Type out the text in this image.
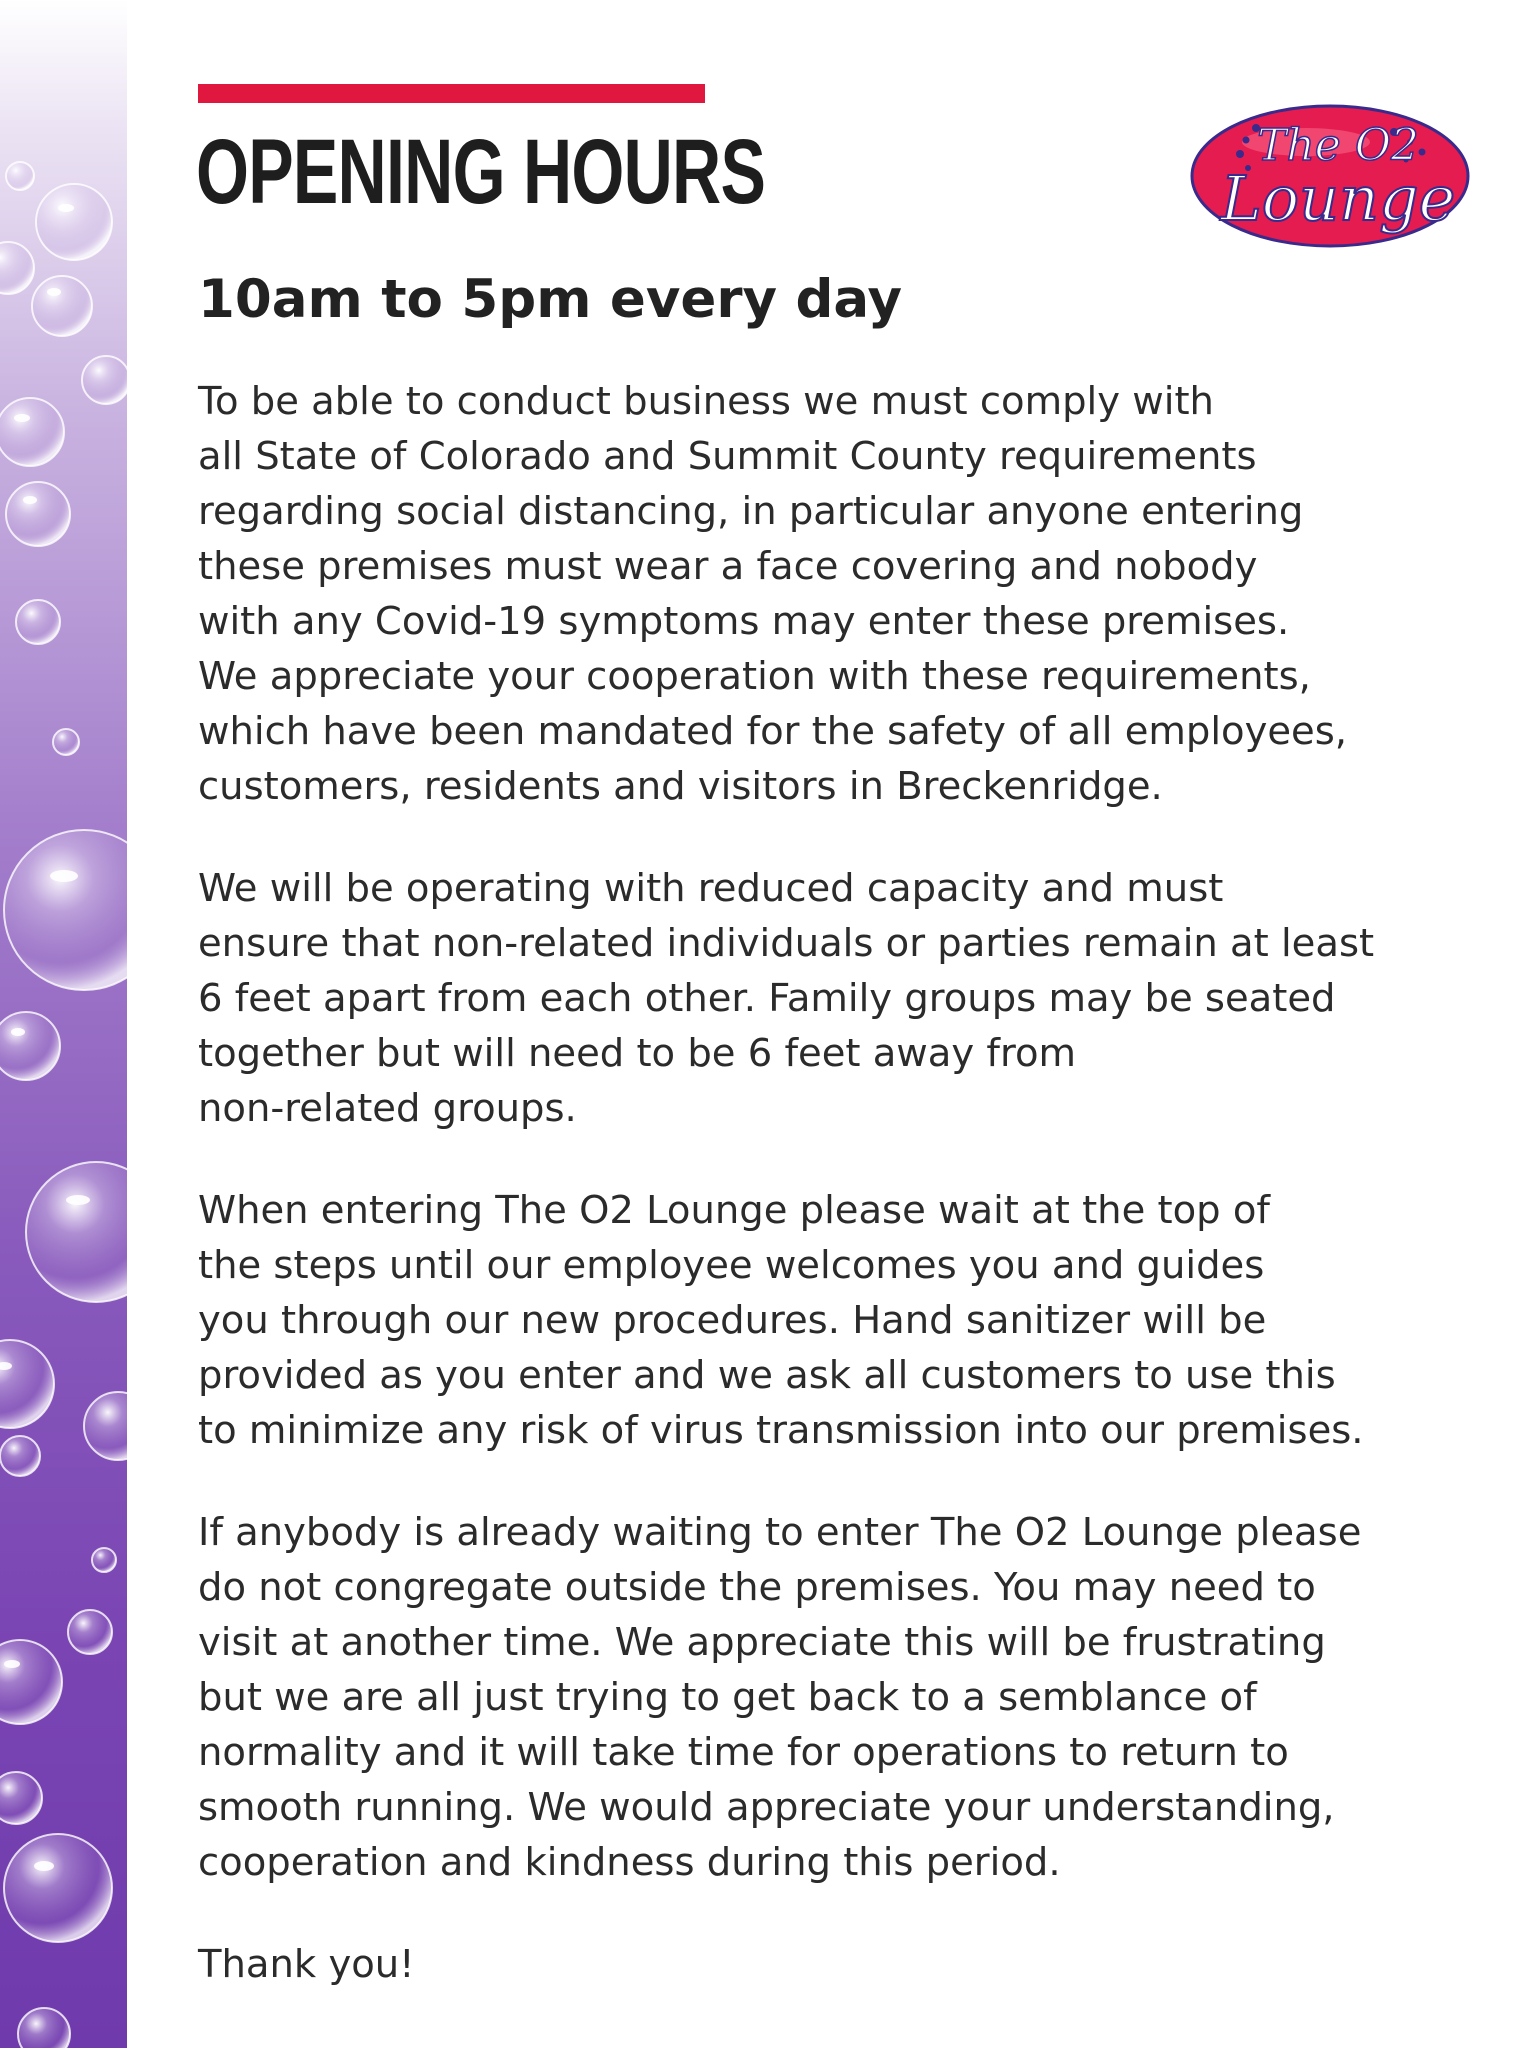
OPENING HOURS	The O2
Lounge
10am to 5pm every day

To be able to conduct business we must comply with
all State of Colorado and Summit County requirements
regarding social distancing, in particular anyone entering
these premises must wear a face covering and nobody
with any Covid-19 symptoms may enter these premises.
We appreciate your cooperation with these requirements,
which have been mandated for the safety of all employees,
customers, residents and visitors in Breckenridge.

We will be operating with reduced capacity and must
ensure that non-related individuals or parties remain at least
6 feet apart from each other. Family groups may be seated
together but will need to be 6 feet away from
non-related groups.

When entering The O2 Lounge please wait at the top of
the steps until our employee welcomes you and guides
you through our new procedures. Hand sanitizer will be
provided as you enter and we ask all customers to use this
to minimize any risk of virus transmission into our premises.

If anybody is already waiting to enter The O2 Lounge please
do not congregate outside the premises. You may need to
visit at another time. We appreciate this will be frustrating
but we are all just trying to get back to a semblance of
normality and it will take time for operations to return to
smooth running. We would appreciate your understanding,
cooperation and kindness during this period.

Thank you!
